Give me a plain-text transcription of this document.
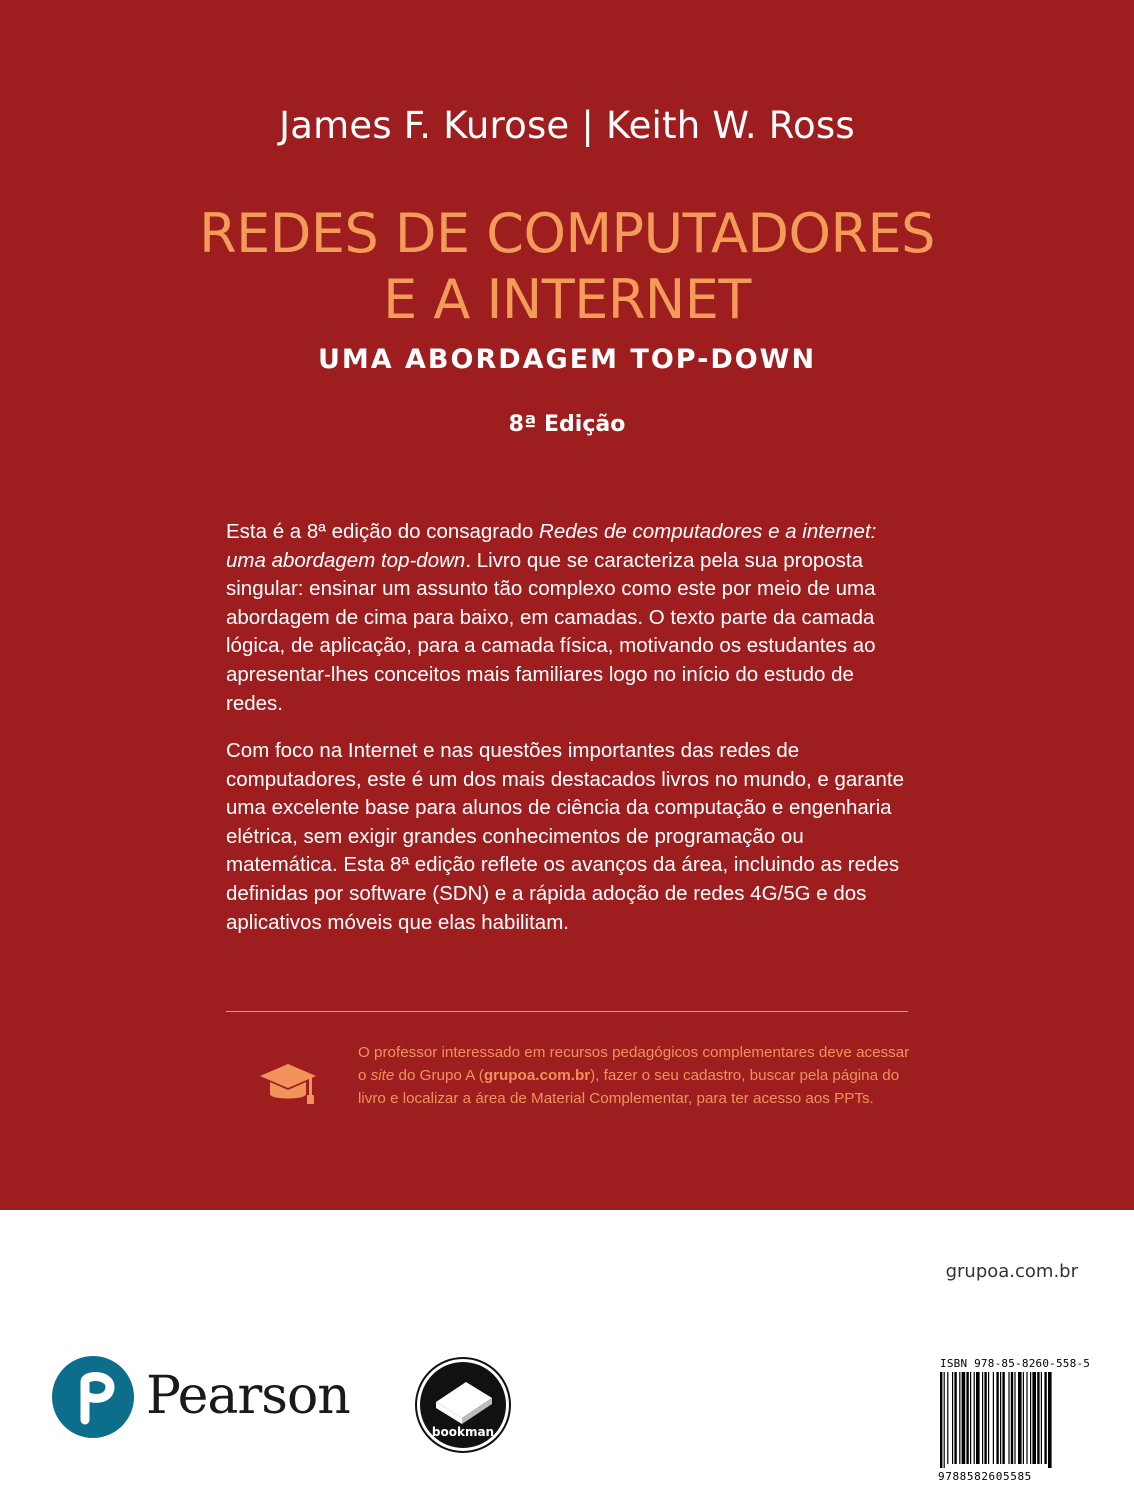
James F. Kurose | Keith W. Ross
REDES DE COMPUTADORES
E A INTERNET
UMA ABORDAGEM TOP-DOWN
8ª Edição

Esta é a 8ª edição do consagrado Redes de computadores e a internet: uma abordagem top-down. Livro que se caracteriza pela sua proposta singular: ensinar um assunto tão complexo como este por meio de uma abordagem de cima para baixo, em camadas. O texto parte da camada lógica, de aplicação, para a camada física, motivando os estudantes ao apresentar-lhes conceitos mais familiares logo no início do estudo de redes.

Com foco na Internet e nas questões importantes das redes de computadores, este é um dos mais destacados livros no mundo, e garante uma excelente base para alunos de ciência da computação e engenharia elétrica, sem exigir grandes conhecimentos de programação ou matemática. Esta 8ª edição reflete os avanços da área, incluindo as redes definidas por software (SDN) e a rápida adoção de redes 4G/5G e dos aplicativos móveis que elas habilitam.

O professor interessado em recursos pedagógicos complementares deve acessar o site do Grupo A (grupoa.com.br), fazer o seu cadastro, buscar pela página do livro e localizar a área de Material Complementar, para ter acesso aos PPTs.

grupoa.com.br
Pearson
bookman
ISBN 978-85-8260-558-5
9788582605585
